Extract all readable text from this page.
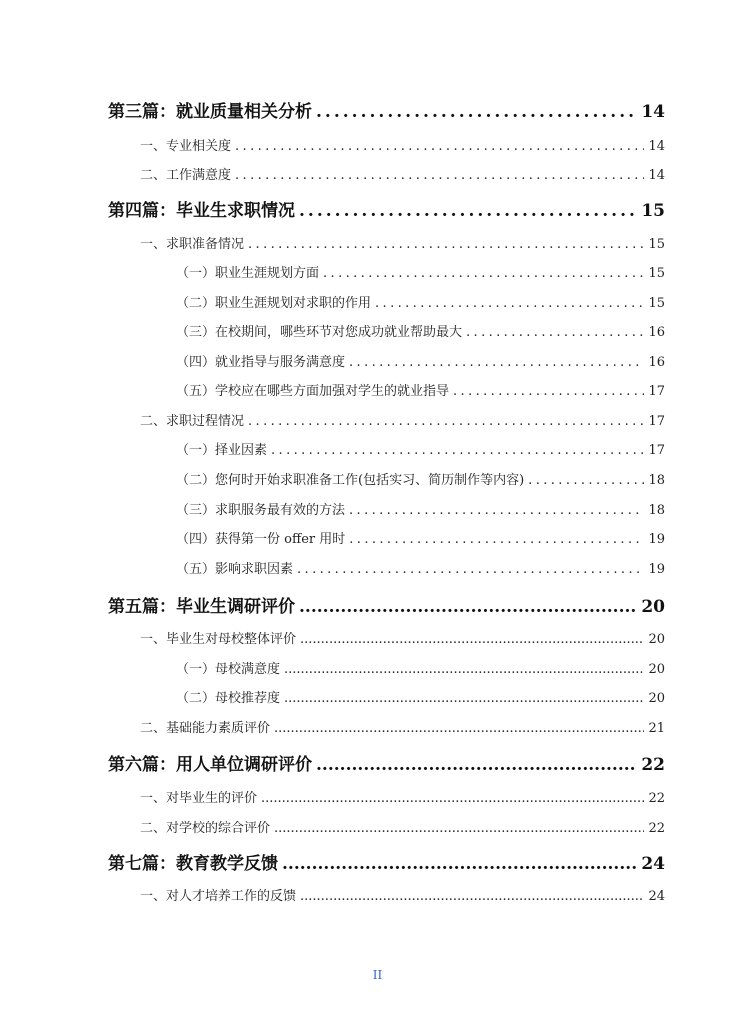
第三篇：就业质量相关分析 .....	14
一、专业相关度 .....	14
二、工作满意度 .....	14
第四篇：毕业生求职情况 .....	15
一、求职准备情况 .....	15
（一）职业生涯规划方面 .....	15
（二）职业生涯规划对求职的作用 .....	15
（三）在校期间，哪些环节对您成功就业帮助最大 .....	16
（四）就业指导与服务满意度 .....	16
（五）学校应在哪些方面加强对学生的就业指导 .....	17
二、求职过程情况 .....	17
（一）择业因素 .....	17
（二）您何时开始求职准备工作(包括实习、简历制作等内容) .....	18
（三）求职服务最有效的方法 .....	18
（四）获得第一份 offer 用时 .....	19
（五）影响求职因素 .....	19
第五篇：毕业生调研评价 .....	20
一、毕业生对母校整体评价 .....	20
（一）母校满意度 .....	20
（二）母校推荐度 .....	20
二、基础能力素质评价 .....	21
第六篇：用人单位调研评价 .....	22
一、对毕业生的评价 .....	22
二、对学校的综合评价 .....	22
第七篇：教育教学反馈 .....	24
一、对人才培养工作的反馈 .....	24
II
